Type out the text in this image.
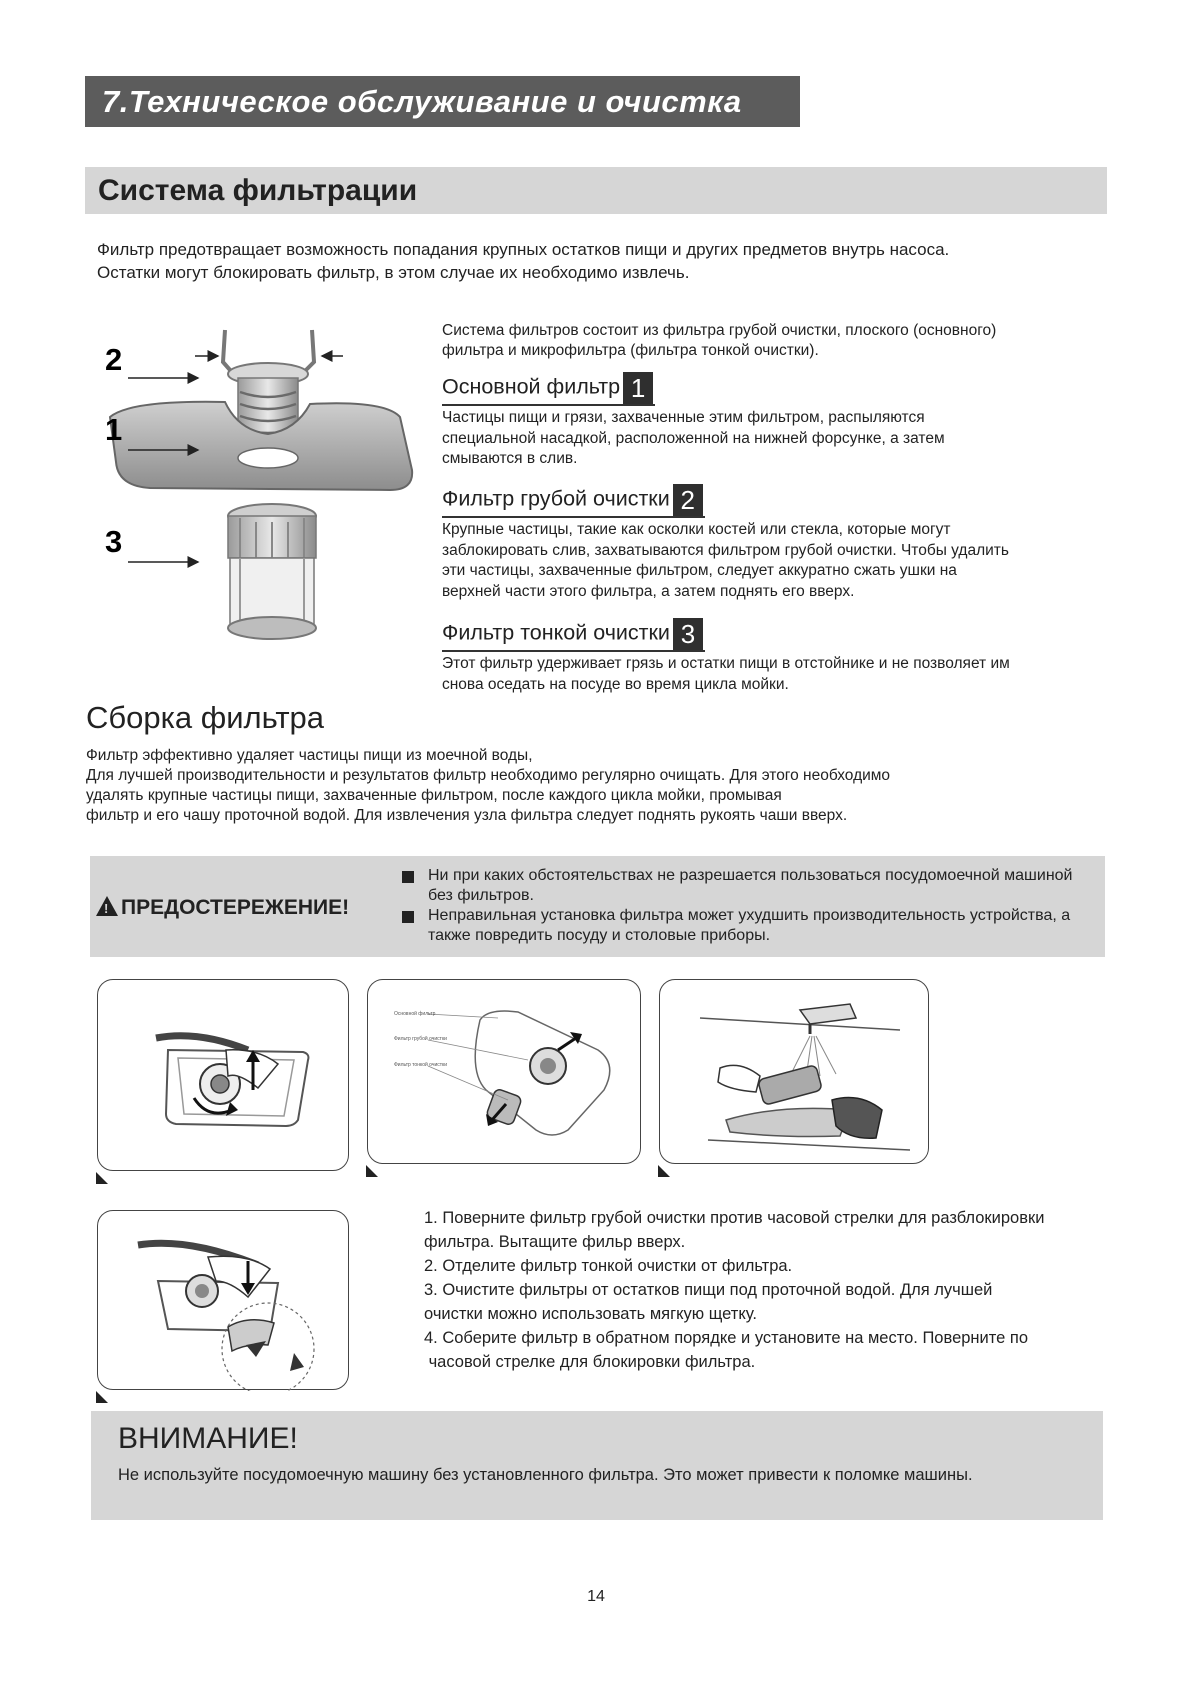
7.Техническое обслуживание и очистка
Система фильтрации
Фильтр предотвращает возможность попадания крупных остатков пищи и других предметов внутрь насоса.
Остатки могут блокировать фильтр, в этом случае их необходимо извлечь.
2
1
3
Система фильтров состоит из фильтра грубой очистки, плоского (основного)
фильтра и микрофильтра (фильтра тонкой очистки).
Основной фильтр 1
Частицы пищи и грязи, захваченные этим фильтром, распыляются
специальной насадкой, расположенной на нижней форсунке, а затем
смываются в слив.
Фильтр грубой очистки 2
Крупные частицы, такие как осколки костей или стекла, которые могут
заблокировать слив, захватываются фильтром грубой очистки. Чтобы удалить
эти частицы, захваченные фильтром, следует аккуратно сжать ушки на
верхней части этого фильтра, а затем поднять его вверх.
Фильтр тонкой очистки 3
Этот фильтр удерживает грязь и остатки пищи в отстойнике и не позволяет им
снова оседать на посуде во время цикла мойки.
Сборка фильтра
Фильтр эффективно удаляет частицы пищи из моечной воды,
Для лучшей производительности и результатов фильтр необходимо регулярно очищать. Для этого необходимо
удалять крупные частицы пищи, захваченные фильтром, после каждого цикла мойки, промывая
фильтр и его чашу проточной водой. Для извлечения узла фильтра следует поднять рукоять чаши вверх.
!ПРЕДОСТЕРЕЖЕНИЕ!
Ни при каких обстоятельствах не разрешается пользоваться посудомоечной машиной без фильтров.
Неправильная установка фильтра может ухудшить производительность устройства, а также повредить посуду и столовые приборы.
Основной фильтр
Фильтр грубой очистки
Фильтр тонкой очистки

1. Поверните фильтр грубой очистки против часовой стрелки для разблокировки

фильтра. Вытащите фильр вверх.

2. Отделите фильтр тонкой очистки от фильтра.

3. Очистите фильтры от остатков пищи под проточной водой. Для лучшей

очистки можно использовать мягкую щетку.

4. Соберите фильтр в обратном порядке и установите на место. Поверните по

часовой стрелке для блокировки фильтра.

ВНИМАНИЕ!
Не используйте посудомоечную машину без установленного фильтра. Это может привести к поломке машины.
14
